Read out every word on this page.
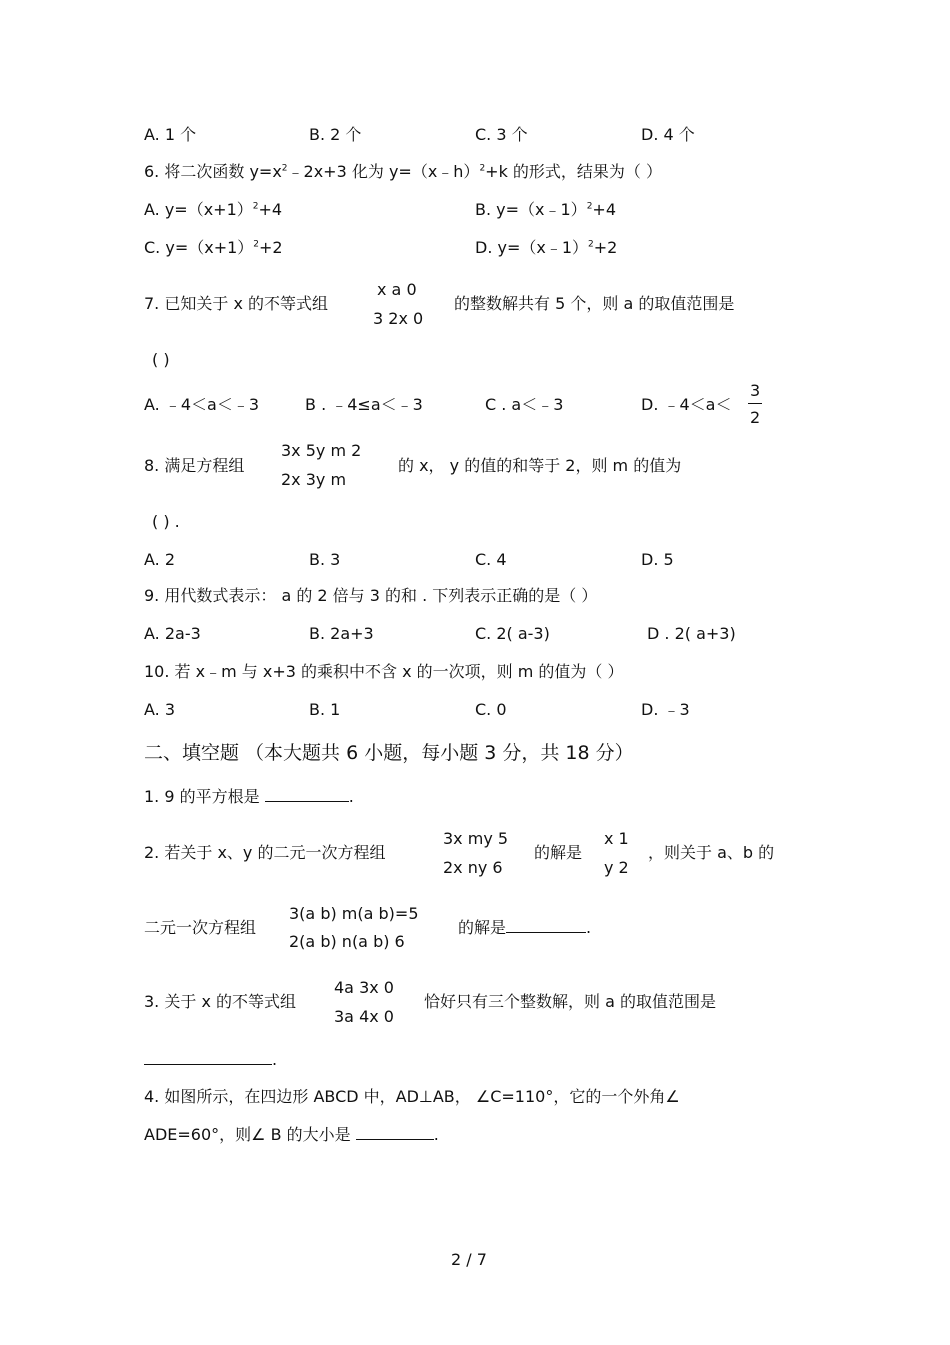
A. 1 个	B. 2 个	C. 3 个	D. 4 个
6. 将二次函数 $y=x^2﹣2x+3$ 化为 y=（x﹣h）$^2$+k 的形式，结果为（ ）
A. $y=(x+1)^2+4$	B. y=（x﹣1）$^2$+4
C. $y=(x+1)^2+2$	D. y=（x﹣1）$^2$+2
7. 已知关于 x 的不等式组
x a 0
3 2x 0
的整数解共有 5 个，则 a 的取值范围是
( )
A. ﹣4＜a＜﹣3	B . ﹣4≤a＜﹣3	C . a＜﹣3	D. ﹣4＜a＜
3
2
8. 满足方程组
3x 5y m 2
2x 3y m
的 x， y 的值的和等于 2，则 m 的值为
( ) .
A. 2	B. 3	C. 4	D. 5
9. 用代数式表示： a 的 2 倍与 3 的和 . 下列表示正确的是（ ）
A. 2a-3	B. 2a+3	C. 2( a-3)	D . 2( a+3)
10. 若 x﹣m 与 x+3 的乘积中不含 x 的一次项，则 m 的值为（ ）
A. 3	B. 1	C. 0	D. ﹣3
二、填空题 （本大题共 6 小题，每小题 3 分，共 18 分）
1. 9 的平方根是	.
2. 若关于 x、y 的二元一次方程组
3x my 5
2x ny 6
的解是
x 1
y 2
，则关于 a、b 的
二元一次方程组
3(a b) m(a b)=5
2(a b) n(a b) 6
的解是	.
3. 关于 x 的不等式组
4a 3x 0
3a 4x 0
恰好只有三个整数解，则 a 的取值范围是
.
4. 如图所示，在四边形 ABCD 中，AD⊥AB， ∠C=110°，它的一个外角∠
ADE=60°，则∠ B 的大小是	.
2 / 7
